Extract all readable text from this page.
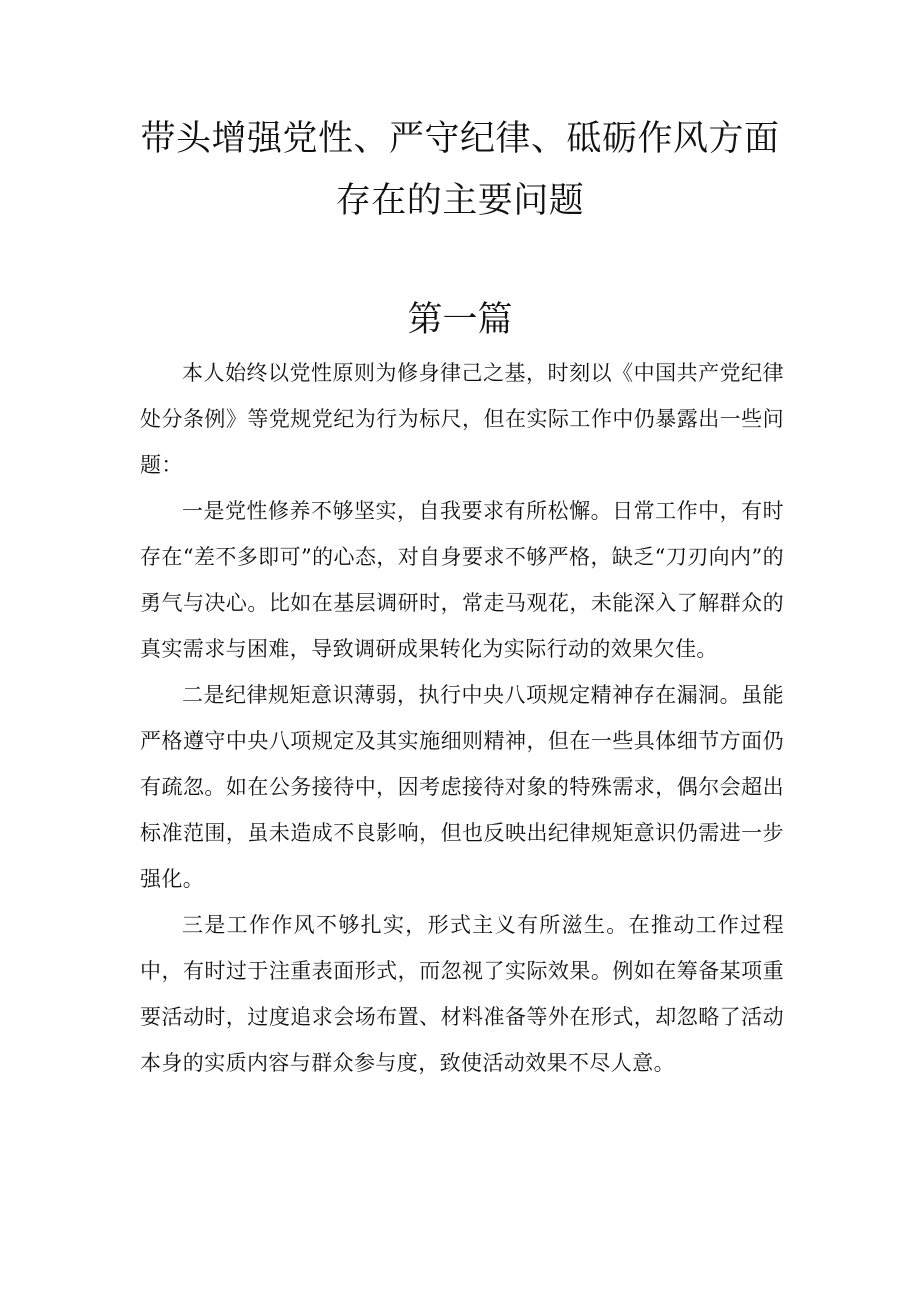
带头增强党性、严守纪律、砥砺作风方面
存在的主要问题
第一篇

本人始终以党性原则为修身律己之基，时刻以《中国共产党纪律处分条例》等党规党纪为行为标尺，但在实际工作中仍暴露出一些问题：

一是党性修养不够坚实，自我要求有所松懈。日常工作中，有时存在“差不多即可”的心态，对自身要求不够严格，缺乏“刀刃向内”的勇气与决心。比如在基层调研时，常走马观花，未能深入了解群众的真实需求与困难，导致调研成果转化为实际行动的效果欠佳。

二是纪律规矩意识薄弱，执行中央八项规定精神存在漏洞。虽能严格遵守中央八项规定及其实施细则精神，但在一些具体细节方面仍有疏忽。如在公务接待中，因考虑接待对象的特殊需求，偶尔会超出标准范围，虽未造成不良影响，但也反映出纪律规矩意识仍需进一步强化。

三是工作作风不够扎实，形式主义有所滋生。在推动工作过程中，有时过于注重表面形式，而忽视了实际效果。例如在筹备某项重要活动时，过度追求会场布置、材料准备等外在形式，却忽略了活动本身的实质内容与群众参与度，致使活动效果不尽人意。
